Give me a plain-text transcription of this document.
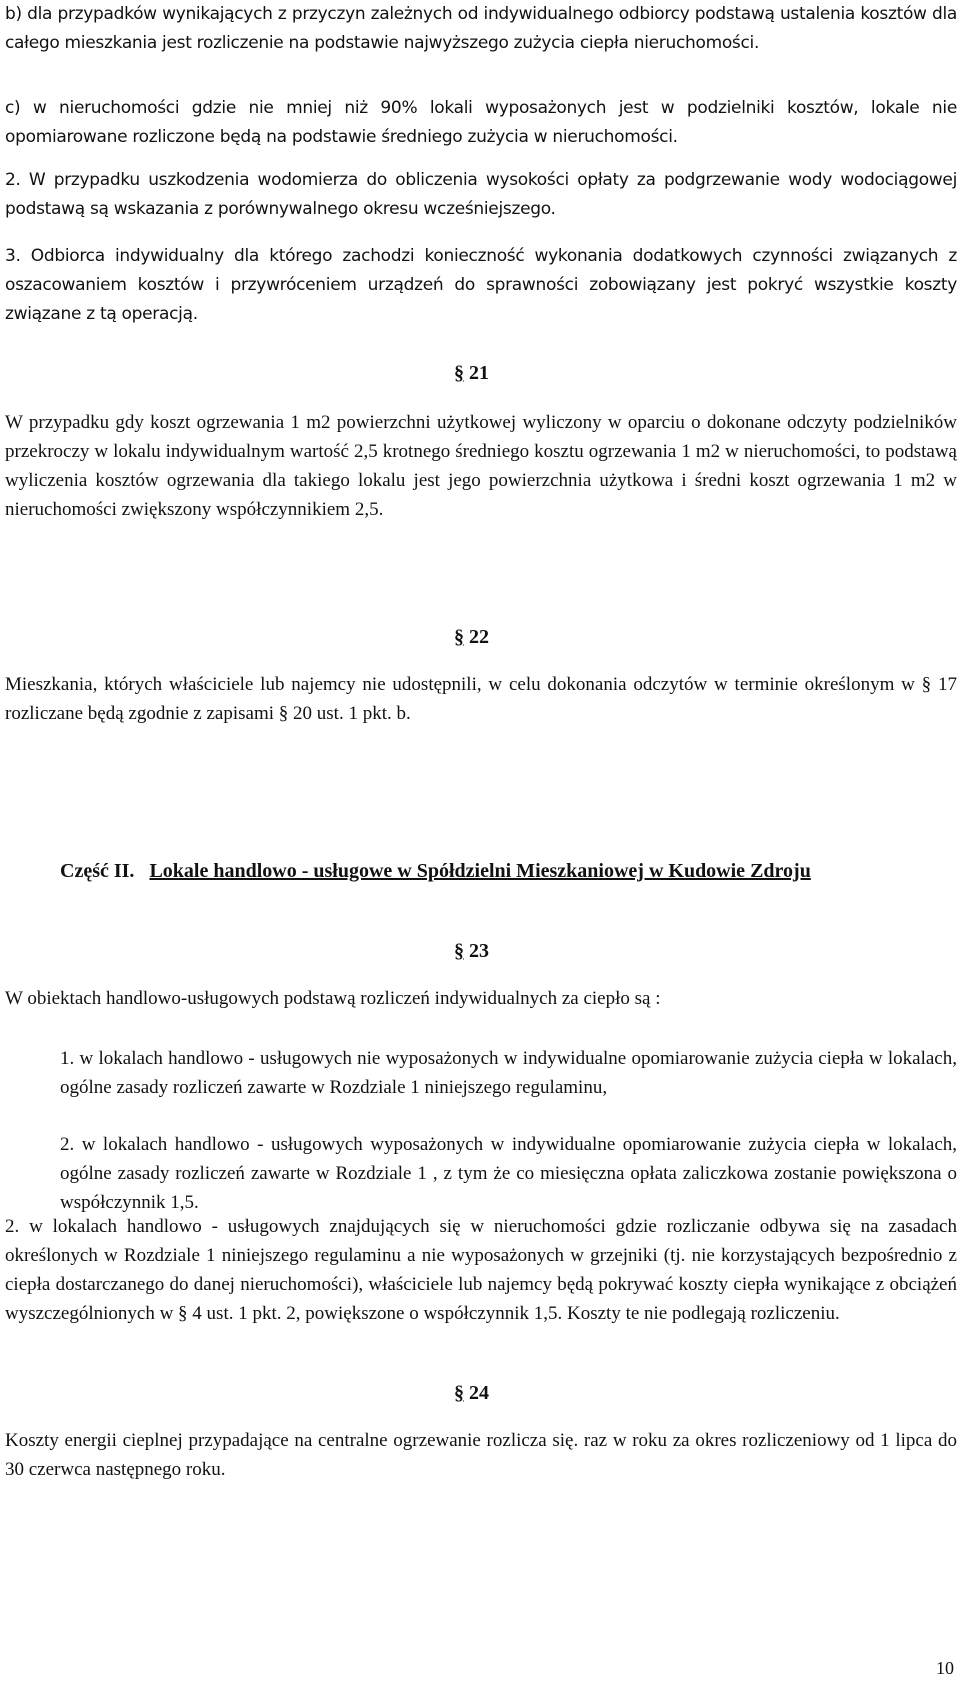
b) dla przypadków wynikających z przyczyn zależnych od indywidualnego odbiorcy podstawą ustalenia kosztów dla całego mieszkania jest rozliczenie na podstawie najwyższego zużycia ciepła nieruchomości.

c) w nieruchomości gdzie nie mniej niż 90% lokali wyposażonych jest w podzielniki kosztów, lokale nie opomiarowane rozliczone będą na podstawie średniego zużycia w nieruchomości.

2. W przypadku uszkodzenia wodomierza do obliczenia wysokości opłaty za podgrzewanie wody wodociągowej podstawą są wskazania z porównywalnego okresu wcześniejszego.

3. Odbiorca indywidualny dla którego zachodzi konieczność wykonania dodatkowych czynności związanych z oszacowaniem kosztów i przywróceniem urządzeń do sprawności zobowiązany jest pokryć wszystkie koszty związane z tą operacją.

§ 21

W przypadku gdy koszt ogrzewania 1 m2 powierzchni użytkowej wyliczony w oparciu o dokonane odczyty podzielników przekroczy w lokalu indywidualnym wartość 2,5 krotnego średniego kosztu ogrzewania 1 m2 w nieruchomości, to podstawą wyliczenia kosztów ogrzewania dla takiego lokalu jest jego powierzchnia użytkowa i średni koszt ogrzewania 1 m2 w nieruchomości zwiększony współczynnikiem 2,5.

§ 22

Mieszkania, których właściciele lub najemcy nie udostępnili, w celu dokonania odczytów w terminie określonym w § 17 rozliczane będą zgodnie z zapisami § 20 ust. 1 pkt. b.

Część II. Lokale handlowo - usługowe w Spółdzielni Mieszkaniowej w Kudowie Zdroju
§ 23

W obiektach handlowo-usługowych podstawą rozliczeń indywidualnych za ciepło są :

1. w lokalach handlowo - usługowych nie wyposażonych w indywidualne opomiarowanie zużycia ciepła w lokalach, ogólne zasady rozliczeń zawarte w Rozdziale 1 niniejszego regulaminu,

2. w lokalach handlowo - usługowych wyposażonych w indywidualne opomiarowanie zużycia ciepła w lokalach, ogólne zasady rozliczeń zawarte w Rozdziale 1 , z tym że co miesięczna opłata zaliczkowa zostanie powiększona o współczynnik 1,5.

2. w lokalach handlowo - usługowych znajdujących się w nieruchomości gdzie rozliczanie odbywa się na zasadach określonych w Rozdziale 1 niniejszego regulaminu a nie wyposażonych w grzejniki (tj. nie korzystających bezpośrednio z ciepła dostarczanego do danej nieruchomości), właściciele lub najemcy będą pokrywać koszty ciepła wynikające z obciążeń wyszczególnionych w § 4 ust. 1 pkt. 2, powiększone o współczynnik 1,5. Koszty te nie podlegają rozliczeniu.

§ 24

Koszty energii cieplnej przypadające na centralne ogrzewanie rozlicza się. raz w roku za okres rozliczeniowy od 1 lipca do 30 czerwca następnego roku.

10
